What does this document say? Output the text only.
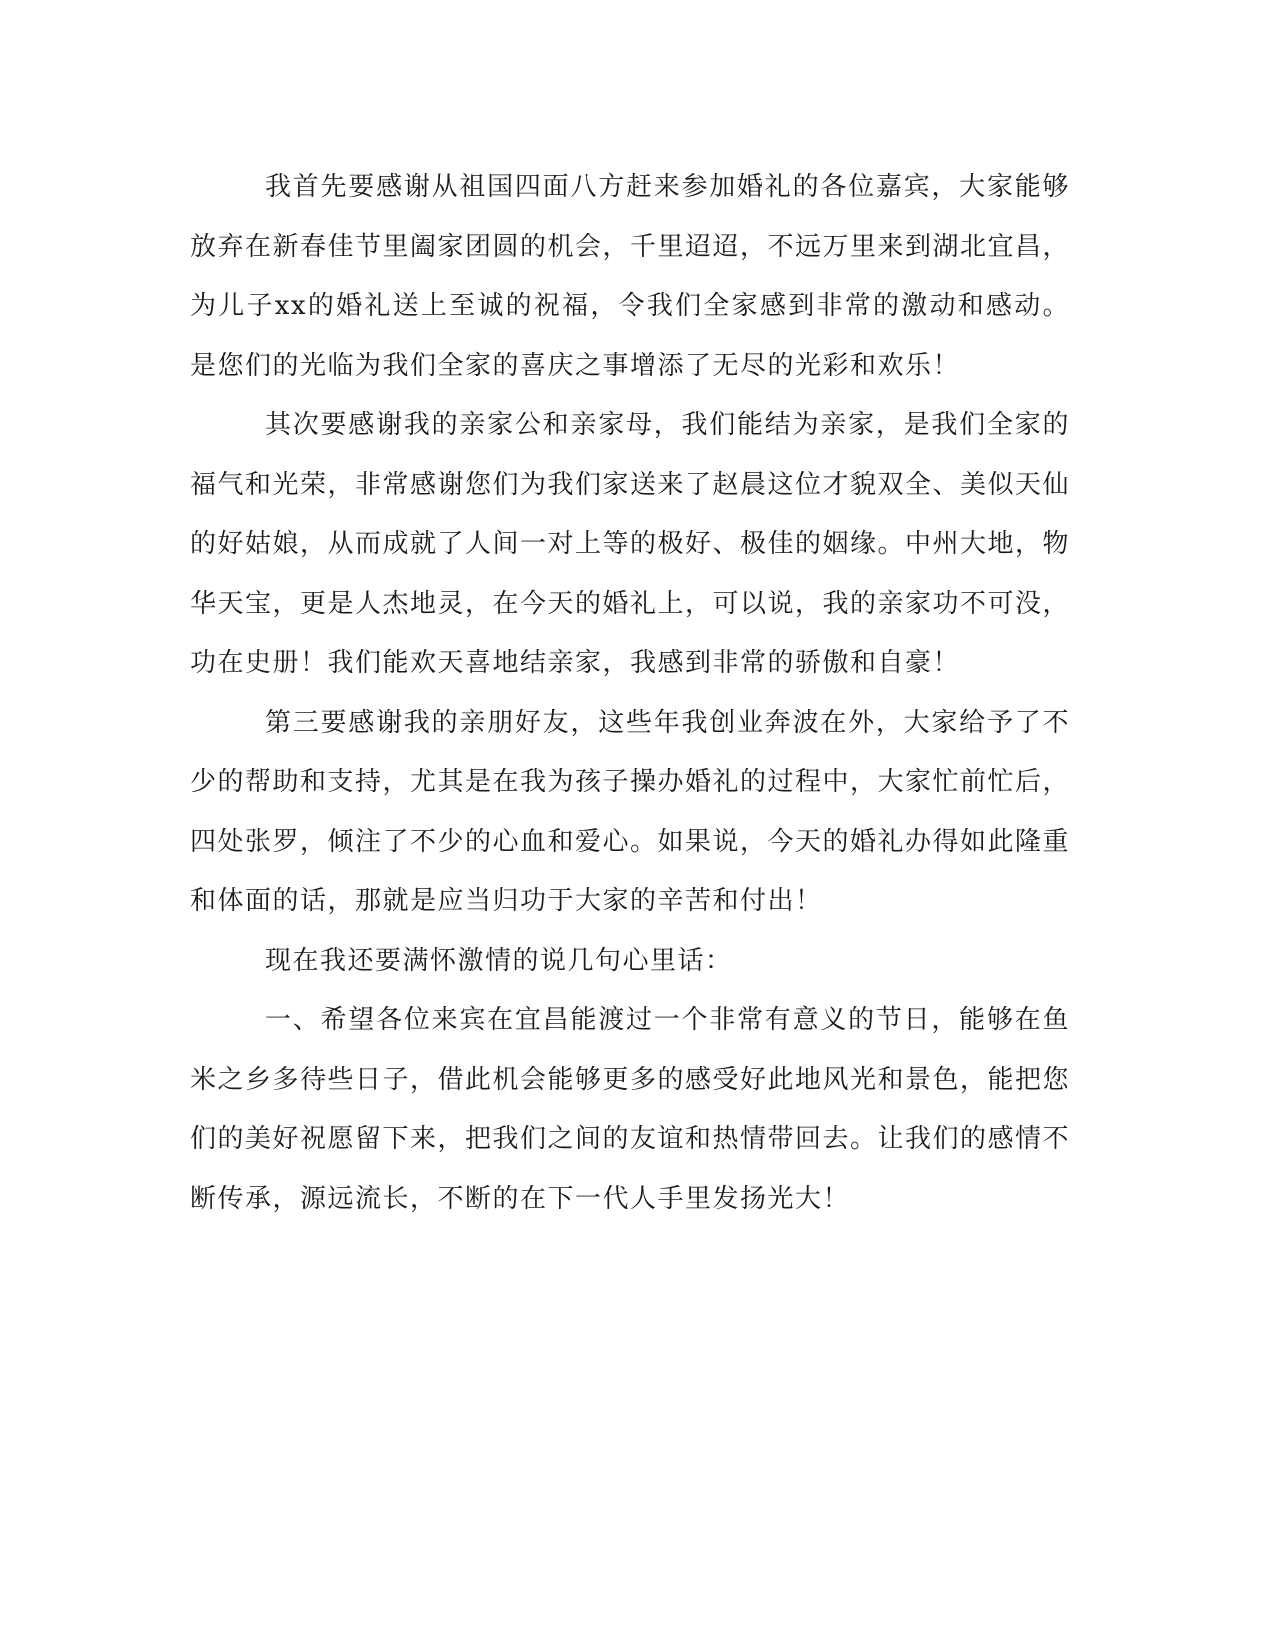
我首先要感谢从祖国四面八方赶来参加婚礼的各位嘉宾，大家能够放弃在新春佳节里阖家团圆的机会，千里迢迢，不远万里来到湖北宜昌，为儿子xx的婚礼送上至诚的祝福，令我们全家感到非常的激动和感动。是您们的光临为我们全家的喜庆之事增添了无尽的光彩和欢乐！

其次要感谢我的亲家公和亲家母，我们能结为亲家，是我们全家的福气和光荣，非常感谢您们为我们家送来了赵晨这位才貌双全、美似天仙的好姑娘，从而成就了人间一对上等的极好、极佳的姻缘。中州大地，物华天宝，更是人杰地灵，在今天的婚礼上，可以说，我的亲家功不可没，功在史册！我们能欢天喜地结亲家，我感到非常的骄傲和自豪！

第三要感谢我的亲朋好友，这些年我创业奔波在外，大家给予了不少的帮助和支持，尤其是在我为孩子操办婚礼的过程中，大家忙前忙后，四处张罗，倾注了不少的心血和爱心。如果说，今天的婚礼办得如此隆重和体面的话，那就是应当归功于大家的辛苦和付出！

现在我还要满怀激情的说几句心里话：

一、希望各位来宾在宜昌能渡过一个非常有意义的节日，能够在鱼米之乡多待些日子，借此机会能够更多的感受好此地风光和景色，能把您们的美好祝愿留下来，把我们之间的友谊和热情带回去。让我们的感情不断传承，源远流长，不断的在下一代人手里发扬光大！
